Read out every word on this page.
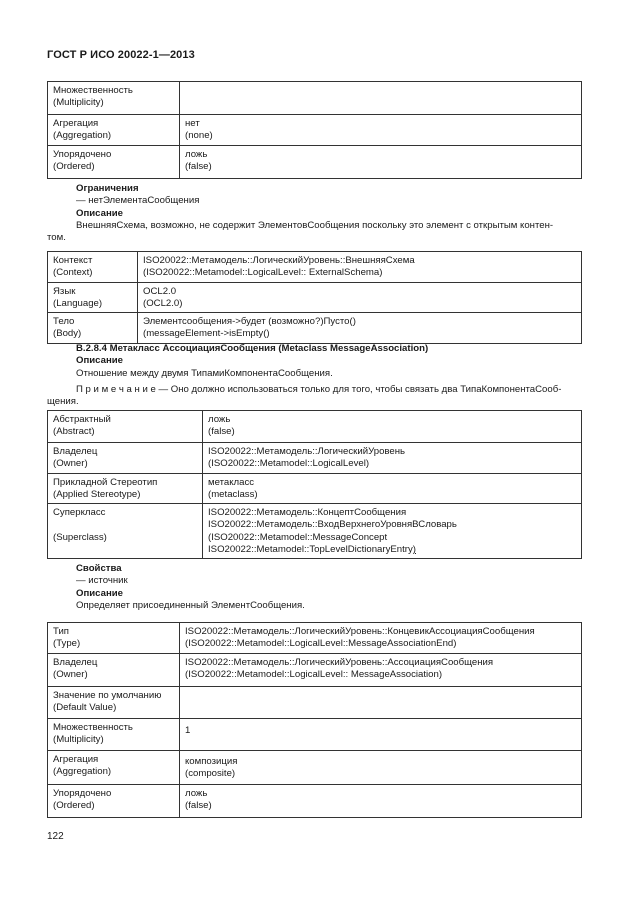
ГОСТ Р ИСО 20022-1—2013
Множественность
(Multiplicity)	

Агрегация
(Aggregation)	нет
(none)

Упорядочено
(Ordered)	ложь
(false)
Ограничения
— нетЭлементаСообщения
Описание
ВнешняяСхема, возможно, не содержит ЭлементовСообщения поскольку это элемент с открытым контен-
том.
Контекст
(Context)	ISO20022::Метамодель::ЛогическийУровень::ВнешняяСхема
(ISO20022::Metamodel::LogicalLevel:: ExternalSchema)

Язык
(Language)	OCL2.0
(OCL2.0)

Тело
(Body)	Элементсообщения->будет (возможно?)Пусто()
(messageElement->isEmpty()
B.2.8.4 Метакласс АссоциацияСообщения (Metaclass MessageAssociation)
Описание
Отношение между двумя ТипамиКомпонентаСообщения.
П р и м е ч а н и е — Оно должно использоваться только для того, чтобы связать два ТипаКомпонентаСооб-
щения.
Абстрактный
(Abstract)	ложь
(false)

Владелец
(Owner)	ISO20022::Метамодель::ЛогическийУровень
(ISO20022::Metamodel::LogicalLevel)

Прикладной Стереотип
(Applied Stereotype)	метакласс
(metaclass)

Суперкласс

(Superclass)	ISO20022::Метамодель::КонцептСообщения
ISO20022::Метамодель::ВходВерхнегоУровняВСловарь
(ISO20022::Metamodel::MessageConcept
ISO20022::Metamodel::TopLevelDictionaryEntry)
Свойства
— источник
Описание
Определяет присоединенный ЭлементСообщения.
Тип
(Type)	ISO20022::Метамодель::ЛогическийУровень::КонцевикАссоциацияСообщения
(ISO20022::Metamodel::LogicalLevel::MessageAssociationEnd)

Владелец
(Owner)	ISO20022::Метамодель::ЛогическийУровень::АссоциацияСообщения
(ISO20022::Metamodel::LogicalLevel:: MessageAssociation)

Значение по умолчанию
(Default Value)	

Множественность
(Multiplicity)	1

Агрегация
(Aggregation)	композиция
(composite)

Упорядочено
(Ordered)	ложь
(false)
122
